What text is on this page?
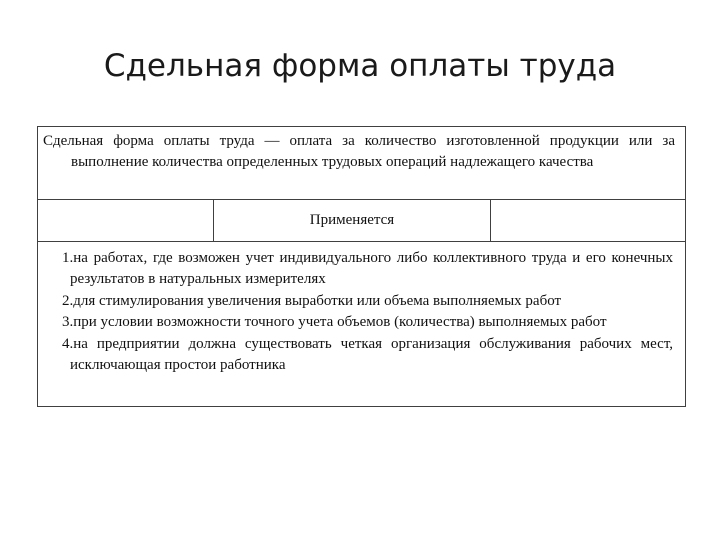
Сдельная форма оплаты труда

Сдельная форма оплаты труда — оплата за количество изготовленной продукции или за выполнение количества определенных трудовых операций надлежащего качества

Применяется
1.на работах, где возможен учет индивидуального либо коллективного труда и его конечных результатов в натуральных измерителях
2.для стимулирования увеличения выработки или объема выполняемых работ
3.при условии возможности точного учета объемов (количества) выполняемых работ
4.на предприятии должна существовать четкая организация обслуживания рабочих мест, исключающая простои работника
